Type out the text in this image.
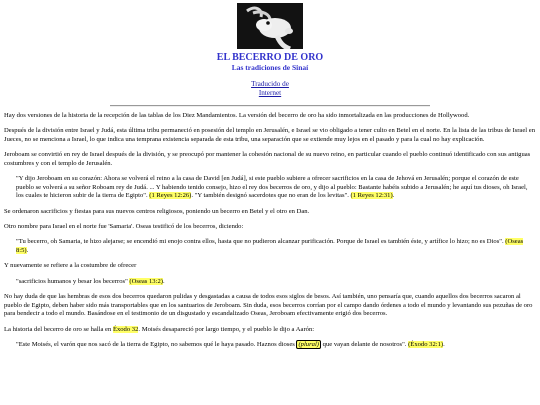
EL BECERRO DE ORO
Las tradiciones de Sinaí
Traducido de
Internet

Hay dos versiones de la historia de la recepción de las tablas de los Diez Mandamientos. La versión del becerro de oro ha sido inmortalizada en las producciones de Hollywood.

Después de la división entre Israel y Judá, esta última tribu permaneció en posesión del templo en Jerusalén, e Israel se vio obligado a tener culto en Betel en el norte. En la lista de las tribus de Israel en Jueces, no se menciona a Israel, lo que indica una temprana existencia separada de esta tribu, una separación que se extiende muy lejos en el pasado y para la cual no hay explicación.

Jeroboam se convirtió en rey de Israel después de la división, y se preocupó por mantener la cohesión nacional de su nuevo reino, en particular cuando el pueblo continuó identificado con sus antiguas costumbres y con el templo de Jerusalén.

"Y dijo Jeroboam en su corazón: Ahora se volverá el reino a la casa de David [en Judá], si este pueblo subiere a ofrecer sacrificios en la casa de Jehová en Jerusalén; porque el corazón de este pueblo se volverá a su señor Roboam rey de Judá. ... Y habiendo tenido consejo, hizo el rey dos becerros de oro, y dijo al pueblo: Bastante habéis subido a Jerusalén; he aquí tus dioses, oh Israel, los cuales te hicieron subir de la tierra de Egipto". (1 Reyes 12:26). "Y también designó sacerdotes que no eran de los levitas". (1 Reyes 12:31).

Se ordenaron sacrificios y fiestas para sus nuevos centros religiosos, poniendo un becerro en Betel y el otro en Dan.

Otro nombre para Israel en el norte fue 'Samaria'. Oseas testificó de los becerros, diciendo:

"Tu becerro, oh Samaria, te hizo alejarse; se encendió mi enojo contra ellos, hasta que no pudieron alcanzar purificación. Porque de Israel es también éste, y artífice lo hizo; no es Dios". (Oseas 8:5).

Y nuevamente se refiere a la costumbre de ofrecer

"sacrificios humanos y besar los becerros" (Oseas 13:2).

No hay duda de que las hembras de esos dos becerros quedaron pulidas y desgastadas a causa de todos esos siglos de besos. Así también, uno pensaría que, cuando aquellos dos becerros sacaron al pueblo de Egipto, deben haber sido más transportables que en los santuarios de Jeroboam. Sin duda, esos becerros corrían por el campo dando órdenes a todo el mundo y levantando sus pezuñas de oro para bendecir a todo el mundo. Basándose en el testimonio de un disgustado y escandalizado Oseas, Jeroboam efectivamente erigió dos becerros.

La historia del becerro de oro se halla en Éxodo 32. Moisés desapareció por largo tiempo, y el pueblo le dijo a Aarón:

"Este Moisés, el varón que nos sacó de la tierra de Egipto, no sabemos qué le haya pasado. Haznos dioses (plural) que vayan delante de nosotros". (Éxodo 32:1).
